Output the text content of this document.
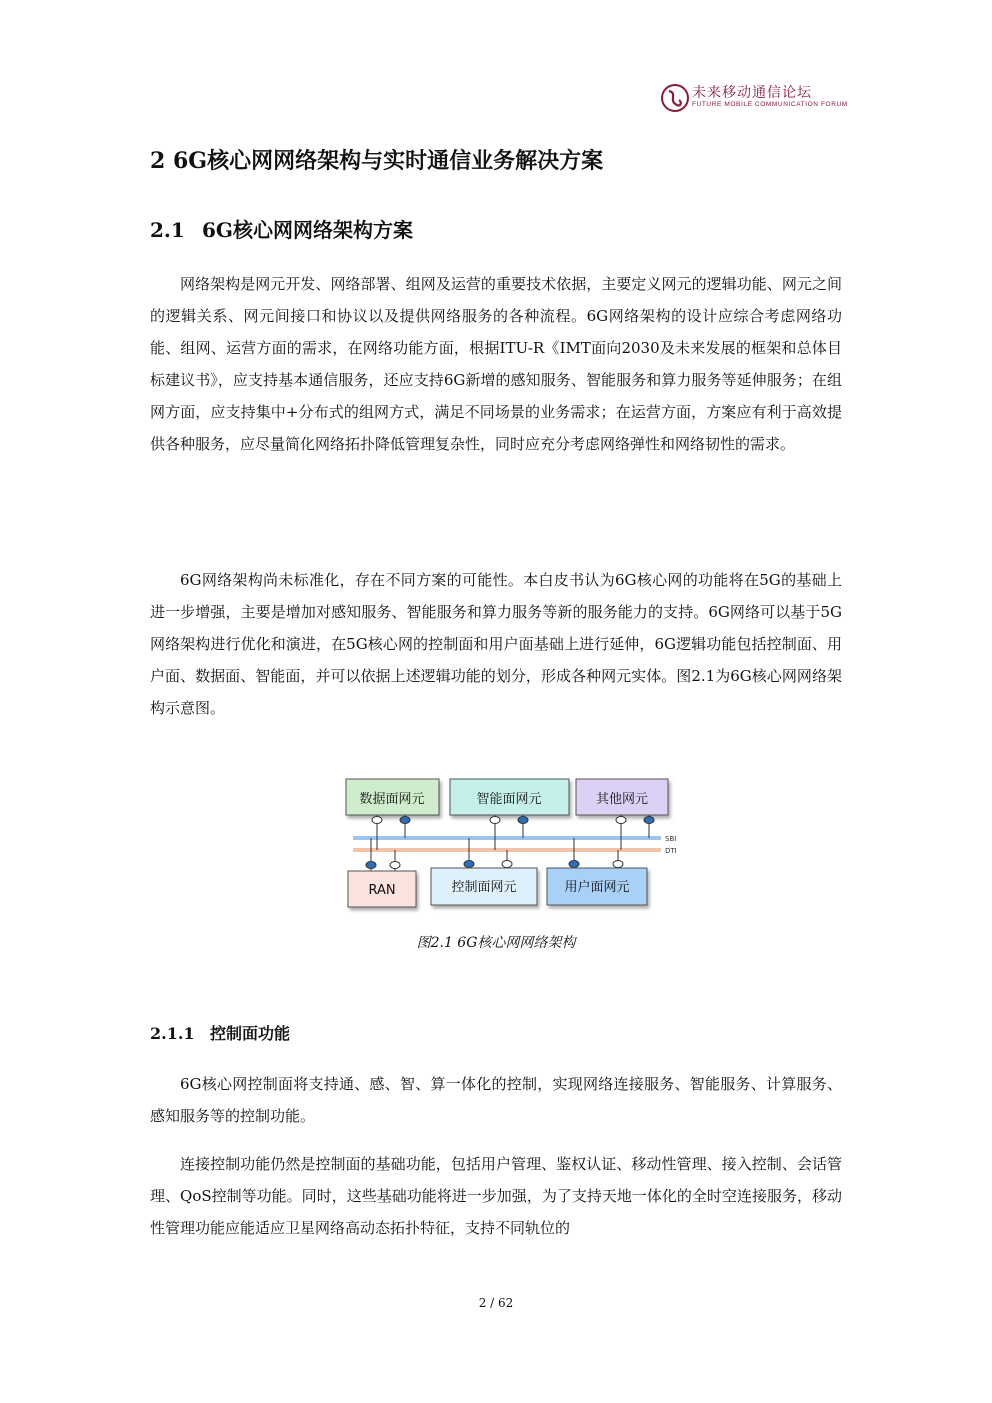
未来移动通信论坛
FUTURE MOBILE COMMUNICATION FORUM
2 6G核心网网络架构与实时通信业务解决方案
2.1 6G核心网网络架构方案

网络架构是网元开发、网络部署、组网及运营的重要技术依据，主要定义网元的逻辑功能、网元之间的逻辑关系、网元间接口和协议以及提供网络服务的各种流程。6G网络架构的设计应综合考虑网络功能、组网、运营方面的需求，在网络功能方面，根据ITU-R《IMT面向2030及未来发展的框架和总体目标建议书》，应支持基本通信服务，还应支持6G新增的感知服务、智能服务和算力服务等延伸服务；在组网方面，应支持集中+分布式的组网方式，满足不同场景的业务需求；在运营方面，方案应有利于高效提供各种服务，应尽量简化网络拓扑降低管理复杂性，同时应充分考虑网络弹性和网络韧性的需求。

6G网络架构尚未标准化，存在不同方案的可能性。本白皮书认为6G核心网的功能将在5G的基础上进一步增强，主要是增加对感知服务、智能服务和算力服务等新的服务能力的支持。6G网络可以基于5G网络架构进行优化和演进，在5G核心网的控制面和用户面基础上进行延伸，6G逻辑功能包括控制面、用户面、数据面、智能面，并可以依据上述逻辑功能的划分，形成各种网元实体。图2.1为6G核心网网络架构示意图。

数据面网元	智能面网元	其他网元
SBI
DTI
RAN	控制面网元	用户面网元
图2.1 6G核心网网络架构
2.1.1 控制面功能

6G核心网控制面将支持通、感、智、算一体化的控制，实现网络连接服务、智能服务、计算服务、感知服务等的控制功能。

连接控制功能仍然是控制面的基础功能，包括用户管理、鉴权认证、移动性管理、接入控制、会话管理、QoS控制等功能。同时，这些基础功能将进一步加强，为了支持天地一体化的全时空连接服务，移动性管理功能应能适应卫星网络高动态拓扑特征，支持不同轨位的

2 / 62
